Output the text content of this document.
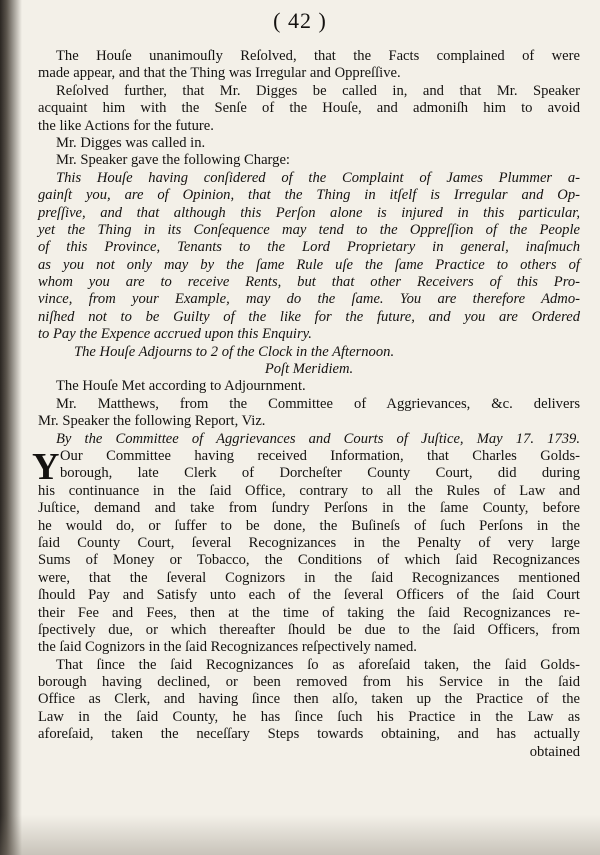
( 42 )
The Houſe unanimouſly Reſolved, that the Facts complained of were
made appear, and that the Thing was Irregular and Oppreſſive.
Reſolved further, that Mr. Digges be called in, and that Mr. Speaker
acquaint him with the Senſe of the Houſe, and admoniſh him to avoid
the like Actions for the future.
Mr. Digges was called in.
Mr. Speaker gave the following Charge:
This Houſe having conſidered of the Complaint of James Plummer a-
gainſt you, are of Opinion, that the Thing in itſelf is Irregular and Op-
preſſive, and that although this Perſon alone is injured in this particular,
yet the Thing in its Conſequence may tend to the Oppreſſion of the People
of this Province, Tenants to the Lord Proprietary in general, inaſmuch
as you not only may by the ſame Rule uſe the ſame Practice to others of
whom you are to receive Rents, but that other Receivers of this Pro-
vince, from your Example, may do the ſame. You are therefore Admo-
niſhed not to be Guilty of the like for the future, and you are Ordered
to Pay the Expence accrued upon this Enquiry.
The Houſe Adjourns to 2 of the Clock in the Afternoon.
Poſt Meridiem.
The Houſe Met according to Adjournment.
Mr. Matthews, from the Committee of Aggrievances, &c. delivers
Mr. Speaker the following Report, Viz.
By the Committee of Aggrievances and Courts of Juſtice, May 17. 1739.
Y Our Committee having received Information, that Charles Golds-
borough, late Clerk of Dorcheſter County Court, did during
his continuance in the ſaid Office, contrary to all the Rules of Law and
Juſtice, demand and take from ſundry Perſons in the ſame County, before
he would do, or ſuffer to be done, the Buſineſs of ſuch Perſons in the
ſaid County Court, ſeveral Recognizances in the Penalty of very large
Sums of Money or Tobacco, the Conditions of which ſaid Recognizances
were, that the ſeveral Cognizors in the ſaid Recognizances mentioned
ſhould Pay and Satisfy unto each of the ſeveral Officers of the ſaid Court
their Fee and Fees, then at the time of taking the ſaid Recognizances re-
ſpectively due, or which thereafter ſhould be due to the ſaid Officers, from
the ſaid Cognizors in the ſaid Recognizances reſpectively named.
That ſince the ſaid Recognizances ſo as aforeſaid taken, the ſaid Golds-
borough having declined, or been removed from his Service in the ſaid
Office as Clerk, and having ſince then alſo, taken up the Practice of the
Law in the ſaid County, he has ſince ſuch his Practice in the Law as
aforeſaid, taken the neceſſary Steps towards obtaining, and has actually
obtained
